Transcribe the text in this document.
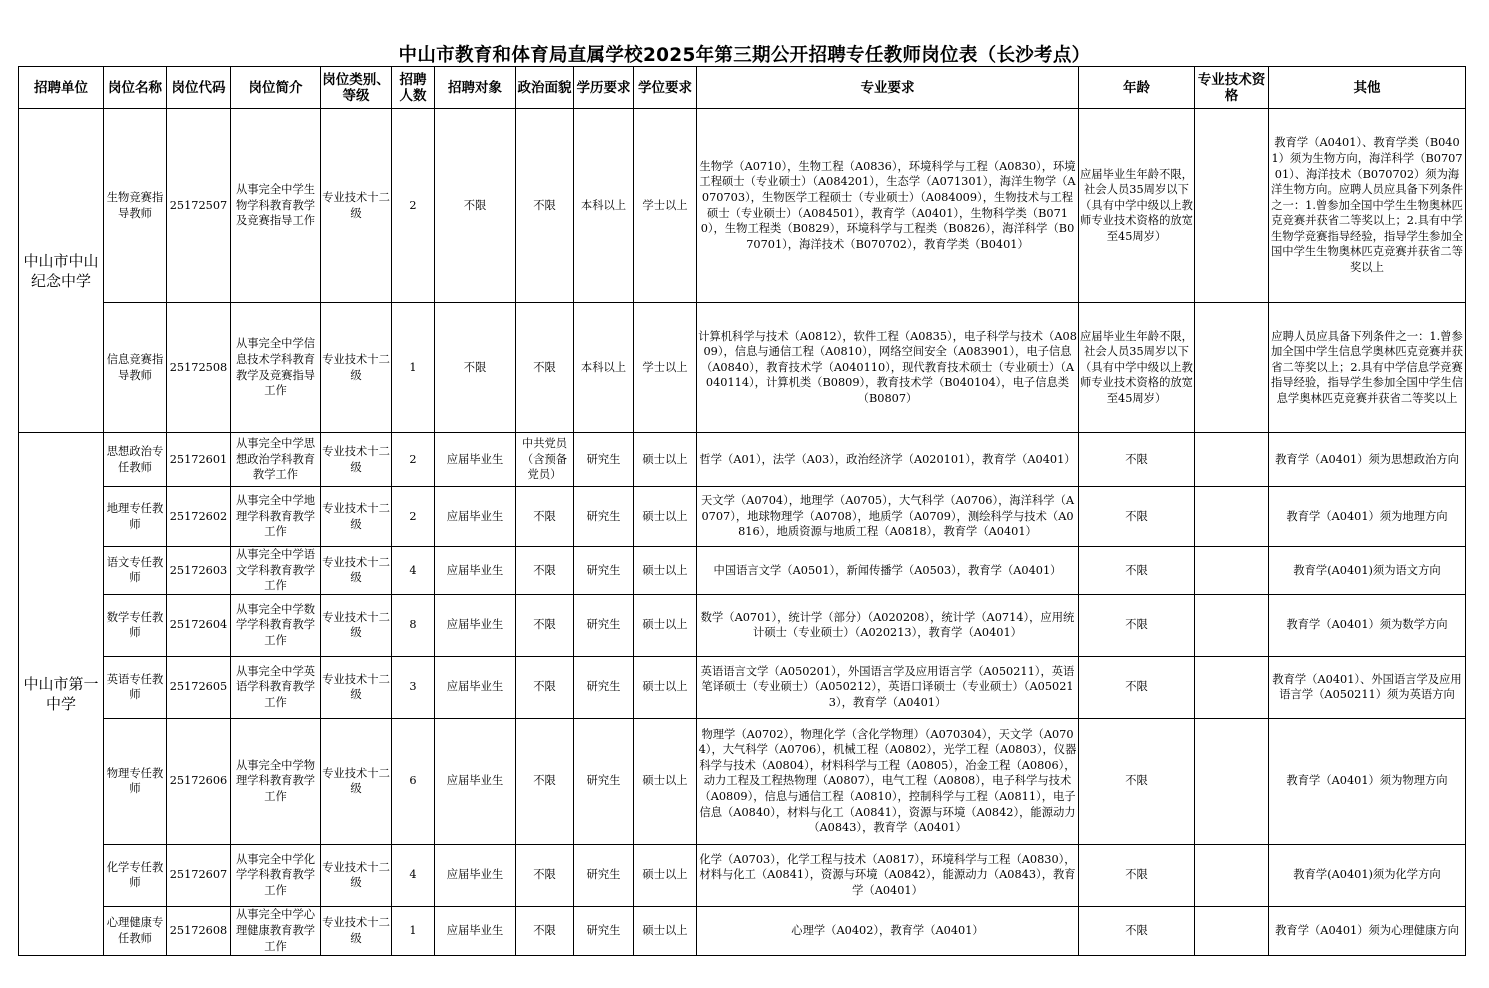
中山市教育和体育局直属学校2025年第三期公开招聘专任教师岗位表（长沙考点）
招聘单位	岗位名称	岗位代码	岗位简介	岗位类别、等级	招聘人数	招聘对象	政治面貌	学历要求	学位要求	专业要求	年龄	专业技术资格	其他
中山市中山纪念中学	生物竞赛指导教师	25172507	从事完全中学生物学科教育教学及竞赛指导工作	专业技术十二级	2	不限	不限	本科以上	学士以上	生物学（A0710），生物工程（A0836），环境科学与工程（A0830），环境工程硕士（专业硕士）（A084201），生态学（A071301），海洋生物学（A070703），生物医学工程硕士（专业硕士）（A084009），生物技术与工程硕士（专业硕士）（A084501），教育学（A0401），生物科学类（B0710），生物工程类（B0829），环境科学与工程类（B0826），海洋科学（B070701），海洋技术（B070702），教育学类（B0401）	应届毕业生年龄不限，社会人员35周岁以下（具有中学中级以上教师专业技术资格的放宽至45周岁）		教育学（A0401）、教育学类（B0401）须为生物方向，海洋科学（B070701）、海洋技术（B070702）须为海洋生物方向。应聘人员应具备下列条件之一：1.曾参加全国中学生生物奥林匹克竞赛并获省二等奖以上；2.具有中学生物学竞赛指导经验，指导学生参加全国中学生生物奥林匹克竞赛并获省二等奖以上
	信息竞赛指导教师	25172508	从事完全中学信息技术学科教育教学及竞赛指导工作	专业技术十二级	1	不限	不限	本科以上	学士以上	计算机科学与技术（A0812），软件工程（A0835），电子科学与技术（A0809），信息与通信工程（A0810），网络空间安全（A083901），电子信息（A0840），教育技术学（A040110），现代教育技术硕士（专业硕士）（A040114），计算机类（B0809），教育技术学（B040104），电子信息类（B0807）	应届毕业生年龄不限，社会人员35周岁以下（具有中学中级以上教师专业技术资格的放宽至45周岁）		应聘人员应具备下列条件之一：1.曾参加全国中学生信息学奥林匹克竞赛并获省二等奖以上；2.具有中学信息学竞赛指导经验，指导学生参加全国中学生信息学奥林匹克竞赛并获省二等奖以上
中山市第一中学	思想政治专任教师	25172601	从事完全中学思想政治学科教育教学工作	专业技术十二级	2	应届毕业生	中共党员（含预备党员）	研究生	硕士以上	哲学（A01），法学（A03），政治经济学（A020101），教育学（A0401）	不限		教育学（A0401）须为思想政治方向
	地理专任教师	25172602	从事完全中学地理学科教育教学工作	专业技术十二级	2	应届毕业生	不限	研究生	硕士以上	天文学（A0704），地理学（A0705），大气科学（A0706），海洋科学（A0707），地球物理学（A0708），地质学（A0709），测绘科学与技术（A0816），地质资源与地质工程（A0818），教育学（A0401）	不限		教育学（A0401）须为地理方向
	语文专任教师	25172603	从事完全中学语文学科教育教学工作	专业技术十二级	4	应届毕业生	不限	研究生	硕士以上	中国语言文学（A0501），新闻传播学（A0503），教育学（A0401）	不限		教育学(A0401)须为语文方向
	数学专任教师	25172604	从事完全中学数学学科教育教学工作	专业技术十二级	8	应届毕业生	不限	研究生	硕士以上	数学（A0701），统计学（部分）（A020208），统计学（A0714），应用统计硕士（专业硕士）（A020213），教育学（A0401）	不限		教育学（A0401）须为数学方向
	英语专任教师	25172605	从事完全中学英语学科教育教学工作	专业技术十二级	3	应届毕业生	不限	研究生	硕士以上	英语语言文学（A050201），外国语言学及应用语言学（A050211），英语笔译硕士（专业硕士）（A050212），英语口译硕士（专业硕士）（A050213），教育学（A0401）	不限		教育学（A0401）、外国语言学及应用语言学（A050211）须为英语方向
	物理专任教师	25172606	从事完全中学物理学科教育教学工作	专业技术十二级	6	应届毕业生	不限	研究生	硕士以上	物理学（A0702），物理化学（含化学物理）（A070304），天文学（A0704），大气科学（A0706），机械工程（A0802），光学工程（A0803），仪器科学与技术（A0804），材料科学与工程（A0805），冶金工程（A0806），动力工程及工程热物理（A0807），电气工程（A0808），电子科学与技术（A0809），信息与通信工程（A0810），控制科学与工程（A0811），电子信息（A0840），材料与化工（A0841），资源与环境（A0842），能源动力（A0843），教育学（A0401）	不限		教育学（A0401）须为物理方向
	化学专任教师	25172607	从事完全中学化学学科教育教学工作	专业技术十二级	4	应届毕业生	不限	研究生	硕士以上	化学（A0703），化学工程与技术（A0817），环境科学与工程（A0830），材料与化工（A0841），资源与环境（A0842），能源动力（A0843），教育学（A0401）	不限		教育学(A0401)须为化学方向
	心理健康专任教师	25172608	从事完全中学心理健康教育教学工作	专业技术十二级	1	应届毕业生	不限	研究生	硕士以上	心理学（A0402），教育学（A0401）	不限		教育学（A0401）须为心理健康方向
